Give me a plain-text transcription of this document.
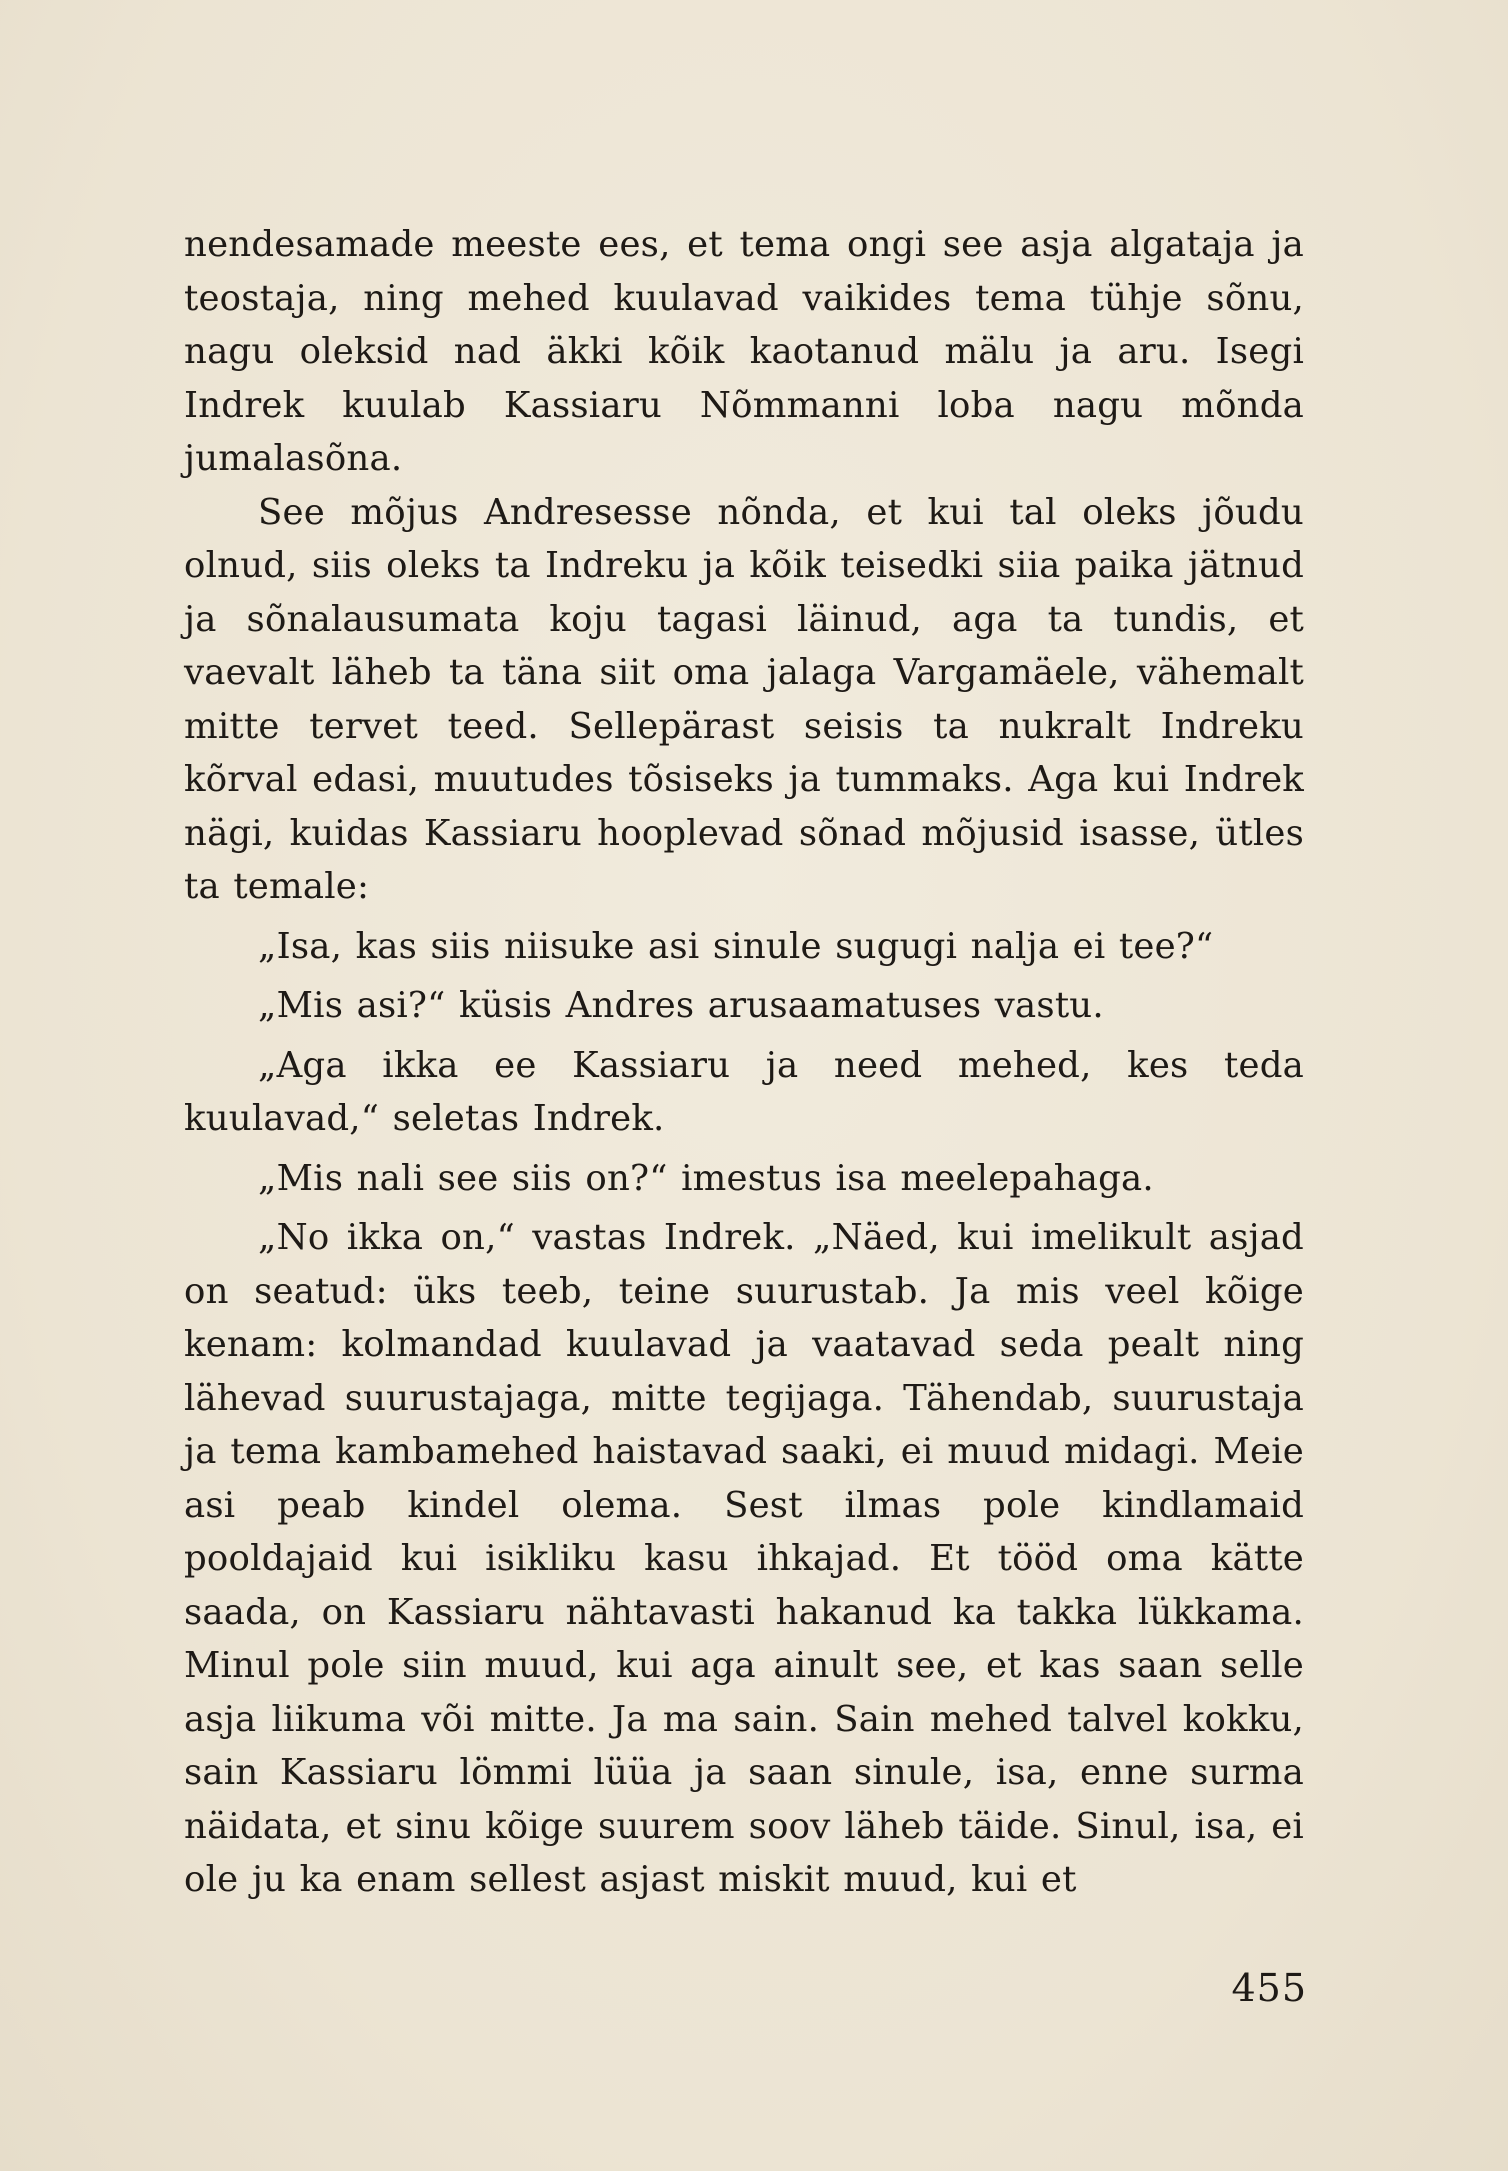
nendesamade meeste ees, et tema ongi see asja algataja ja teostaja, ning mehed kuulavad vaikides tema tühje sõnu, nagu oleksid nad äkki kõik kaotanud mälu ja aru. Isegi Indrek kuulab Kassiaru Nõmmanni loba nagu mõnda jumalasõna.

See mõjus Andresesse nõnda, et kui tal oleks jõudu olnud, siis oleks ta Indreku ja kõik teisedki siia paika jätnud ja sõnalausumata koju tagasi läinud, aga ta tundis, et vaevalt läheb ta täna siit oma jalaga Vargamäele, vähemalt mitte tervet teed. Sellepärast seisis ta nukralt Indreku kõrval edasi, muutudes tõsiseks ja tummaks. Aga kui Indrek nägi, kuidas Kassiaru hooplevad sõnad mõjusid isasse, ütles ta temale:

„Isa, kas siis niisuke asi sinule sugugi nalja ei tee?“

„Mis asi?“ küsis Andres arusaamatuses vastu.

„Aga ikka ee Kassiaru ja need mehed, kes teda kuulavad,“ seletas Indrek.

„Mis nali see siis on?“ imestus isa meelepahaga.

„No ikka on,“ vastas Indrek. „Näed, kui imelikult asjad on seatud: üks teeb, teine suurustab. Ja mis veel kõige kenam: kolmandad kuulavad ja vaatavad seda pealt ning lähevad suurustajaga, mitte tegijaga. Tähendab, suurustaja ja tema kambamehed haistavad saaki, ei muud midagi. Meie asi peab kindel olema. Sest ilmas pole kindlamaid pooldajaid kui isikliku kasu ihkajad. Et tööd oma kätte saada, on Kassiaru nähtavasti hakanud ka takka lükkama. Minul pole siin muud, kui aga ainult see, et kas saan selle asja liikuma või mitte. Ja ma sain. Sain mehed talvel kokku, sain Kassiaru lömmi lüüa ja saan sinule, isa, enne surma näidata, et sinu kõige suurem soov läheb täide. Sinul, isa, ei ole ju ka enam sellest asjast miskit muud, kui et

455
